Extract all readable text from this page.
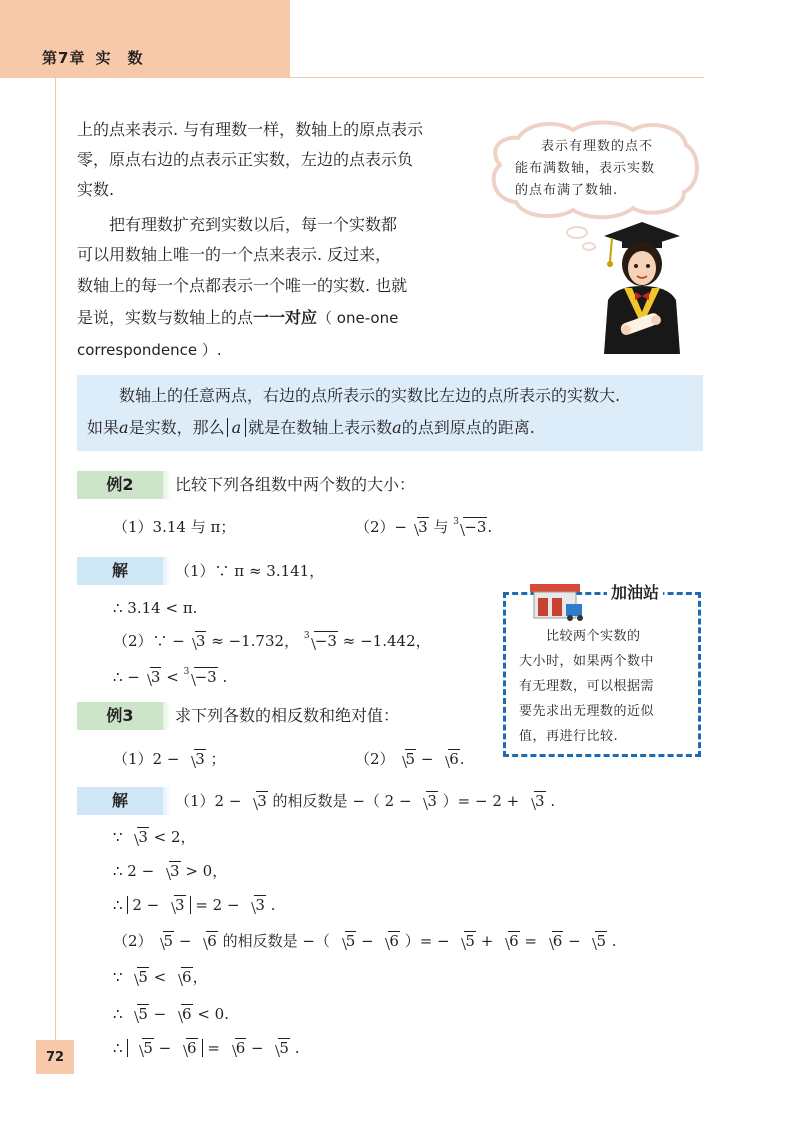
第7章 实　数
上的点来表示. 与有理数一样，数轴上的原点表示
零，原点右边的点表示正实数，左边的点表示负
实数.
　　把有理数扩充到实数以后，每一个实数都
可以用数轴上唯一的一个点来表示. 反过来，
数轴上的每一个点都表示一个唯一的实数. 也就
是说，实数与数轴上的点一一对应（ one-one
correspondence ）.
表示有理数的点不
能布满数轴，表示实数
的点布满了数轴.
　　数轴上的任意两点，右边的点所表示的实数比左边的点所表示的实数大.
如果a是实数，那么 a 就是在数轴上表示数a的点到原点的距离.
例2	比较下列各组数中两个数的大小：
（1）3.14 与 π；	（2）− 3 与 3 −3.
解	（1）∵ π ≈ 3.141，
∴ 3.14 < π.
（2）∵ − 3 ≈ −1.732， 3 −3 ≈ −1.442，
∴ − 3 < 3 −3 .
加油站
　　比较两个实数的
大小时，如果两个数中
有无理数，可以根据需
要先求出无理数的近似
值，再进行比较.
例3	求下列各数的相反数和绝对值：
（1）2 − 3 ；	（2） 5 − 6.
解	（1）2 − 3 的相反数是 −（ 2 − 3 ）= − 2 + 3 .
∵ 3 < 2，
∴ 2 − 3 > 0，
∴ 2 − 3 = 2 − 3 .
（2） 5 − 6 的相反数是 −（ 5 − 6 ）= − 5 + 6 = 6 − 5 .
∵ 5 < 6，
∴ 5 − 6 < 0.
∴ 5 − 6 = 6 − 5 .
72
